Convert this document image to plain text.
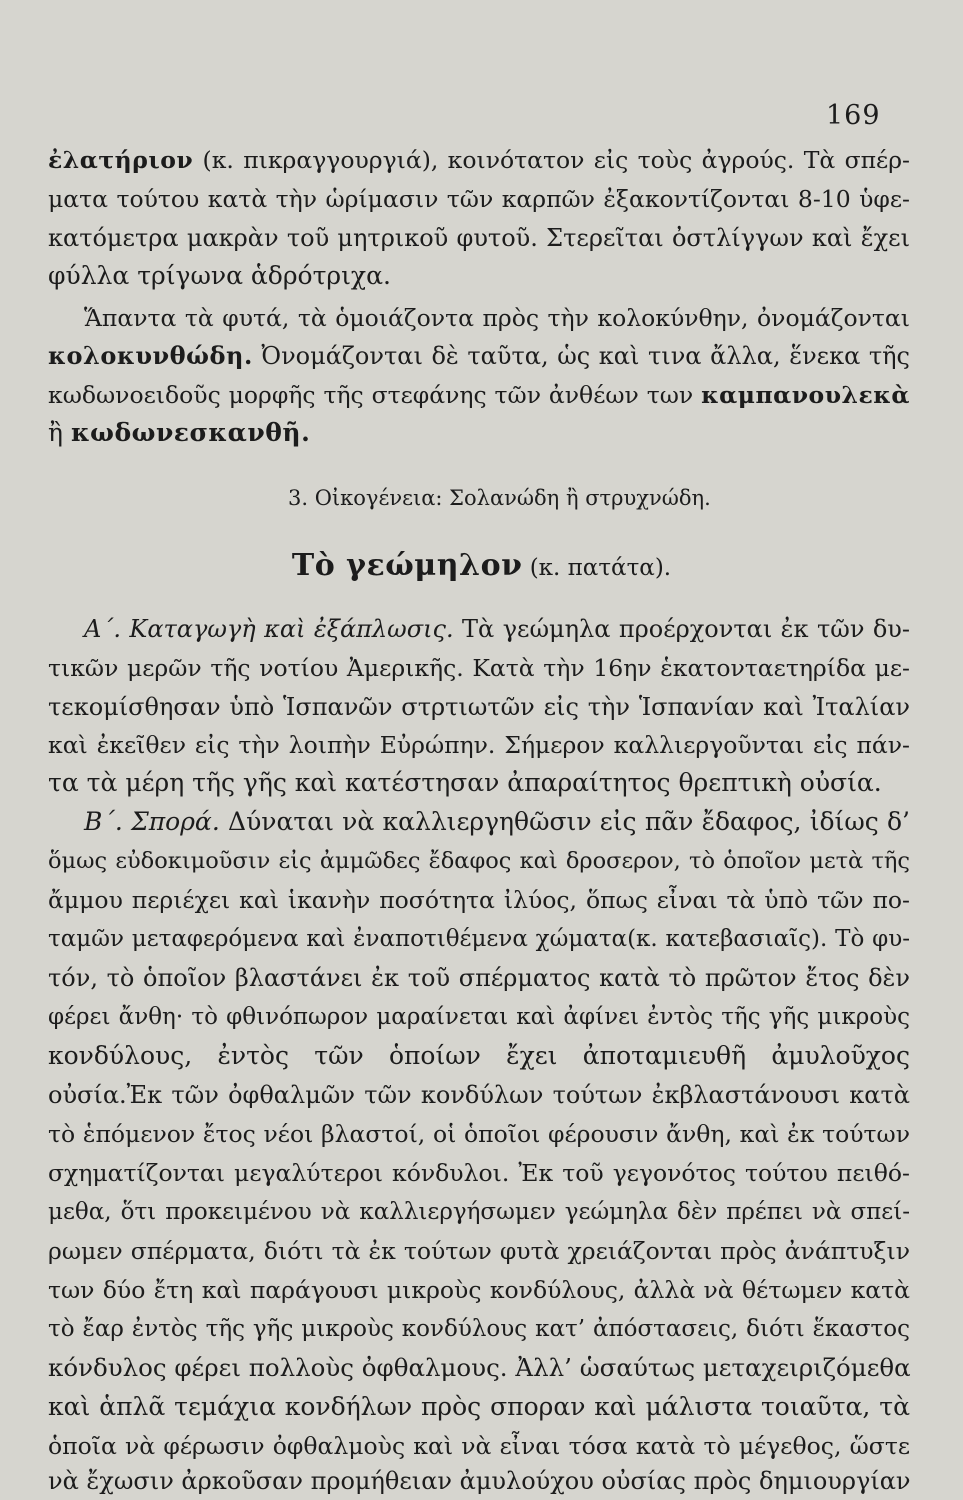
169
ἐλατήριον (κ. πικραγγουργιά), κοινότατον εἰς τοὺς ἀγρούς. Τὰ σπέρ-
ματα τούτου κατὰ τὴν ὡρίμασιν τῶν καρπῶν ἐξακοντίζονται 8-10 ὑφε-
κατόμετρα μακρὰν τοῦ μητρικοῦ φυτοῦ. Στερεῖται ὀστλίγγων καὶ ἔχει
φύλλα τρίγωνα ἁδρότριχα.
Ἅπαντα τὰ φυτά, τὰ ὁμοιάζοντα πρὸς τὴν κολοκύνθην, ὀνομάζονται
κολοκυνθώδη. Ὀνομάζονται δὲ ταῦτα, ὡς καὶ τινα ἄλλα, ἕνεκα τῆς
κωδωνοειδοῦς μορφῆς τῆς στεφάνης τῶν ἀνθέων των καμπανουλεκὰ
ἢ κωδωνεσκανθῆ.
3. Οἰκογένεια: Σολανώδη ἢ στρυχνώδη.
Τὸ γεώμηλον (κ. πατάτα).
Α΄. Καταγωγὴ καὶ ἐξάπλωσις. Τὰ γεώμηλα προέρχονται ἐκ τῶν δυ-
τικῶν μερῶν τῆς νοτίου Ἀμερικῆς. Κατὰ τὴν 16ην ἑκατονταετηρίδα με-
τεκομίσθησαν ὑπὸ Ἱσπανῶν στρτιωτῶν εἰς τὴν Ἱσπανίαν καὶ Ἰταλίαν
καὶ ἐκεῖθεν εἰς τὴν λοιπὴν Εὐρώπην. Σήμερον καλλιεργοῦνται εἰς πάν-
τα τὰ μέρη τῆς γῆς καὶ κατέστησαν ἀπαραίτητος θρεπτικὴ οὐσία.
Β΄. Σπορά. Δύναται νὰ καλλιεργηθῶσιν εἰς πᾶν ἔδαφος, ἰδίως δ’
ὅμως εὐδοκιμοῦσιν εἰς ἀμμῶδες ἔδαφος καὶ δροσερον, τὸ ὁποῖον μετὰ τῆς
ἄμμου περιέχει καὶ ἱκανὴν ποσότητα ἰλύος, ὅπως εἶναι τὰ ὑπὸ τῶν πο-
ταμῶν μεταφερόμενα καὶ ἐναποτιθέμενα χώματα(κ. κατεβασιαῖς). Τὸ φυ-
τόν, τὸ ὁποῖον βλαστάνει ἐκ τοῦ σπέρματος κατὰ τὸ πρῶτον ἔτος δὲν
φέρει ἄνθη· τὸ φθινόπωρον μαραίνεται καὶ ἀφίνει ἐντὸς τῆς γῆς μικροὺς
κονδύλους, ἐντὸς τῶν ὁποίων ἔχει ἀποταμιευθῆ ἀμυλοῦχος
οὐσία.Ἐκ τῶν ὀφθαλμῶν τῶν κονδύλων τούτων ἐκβλαστάνουσι κατὰ
τὸ ἑπόμενον ἔτος νέοι βλαστοί, οἱ ὁποῖοι φέρουσιν ἄνθη, καὶ ἐκ τούτων
σχηματίζονται μεγαλύτεροι κόνδυλοι. Ἐκ τοῦ γεγονότος τούτου πειθό-
μεθα, ὅτι προκειμένου νὰ καλλιεργήσωμεν γεώμηλα δὲν πρέπει νὰ σπεί-
ρωμεν σπέρματα, διότι τὰ ἐκ τούτων φυτὰ χρειάζονται πρὸς ἀνάπτυξιν
των δύο ἔτη καὶ παράγουσι μικροὺς κονδύλους, ἀλλὰ νὰ θέτωμεν κατὰ
τὸ ἔαρ ἐντὸς τῆς γῆς μικροὺς κονδύλους κατ’ ἀπόστασεις, διότι ἕκαστος
κόνδυλος φέρει πολλοὺς ὀφθαλμους. Ἀλλ’ ὡσαύτως μεταχειριζόμεθα
καὶ ἁπλᾶ τεμάχια κονδήλων πρὸς σποραν καὶ μάλιστα τοιαῦτα, τὰ
ὁποῖα νὰ φέρωσιν ὀφθαλμοὺς καὶ νὰ εἶναι τόσα κατὰ τὸ μέγεθος, ὥστε
νὰ ἔχωσιν ἀρκοῦσαν προμήθειαν ἀμυλούχου οὐσίας πρὸς δημιουργίαν
